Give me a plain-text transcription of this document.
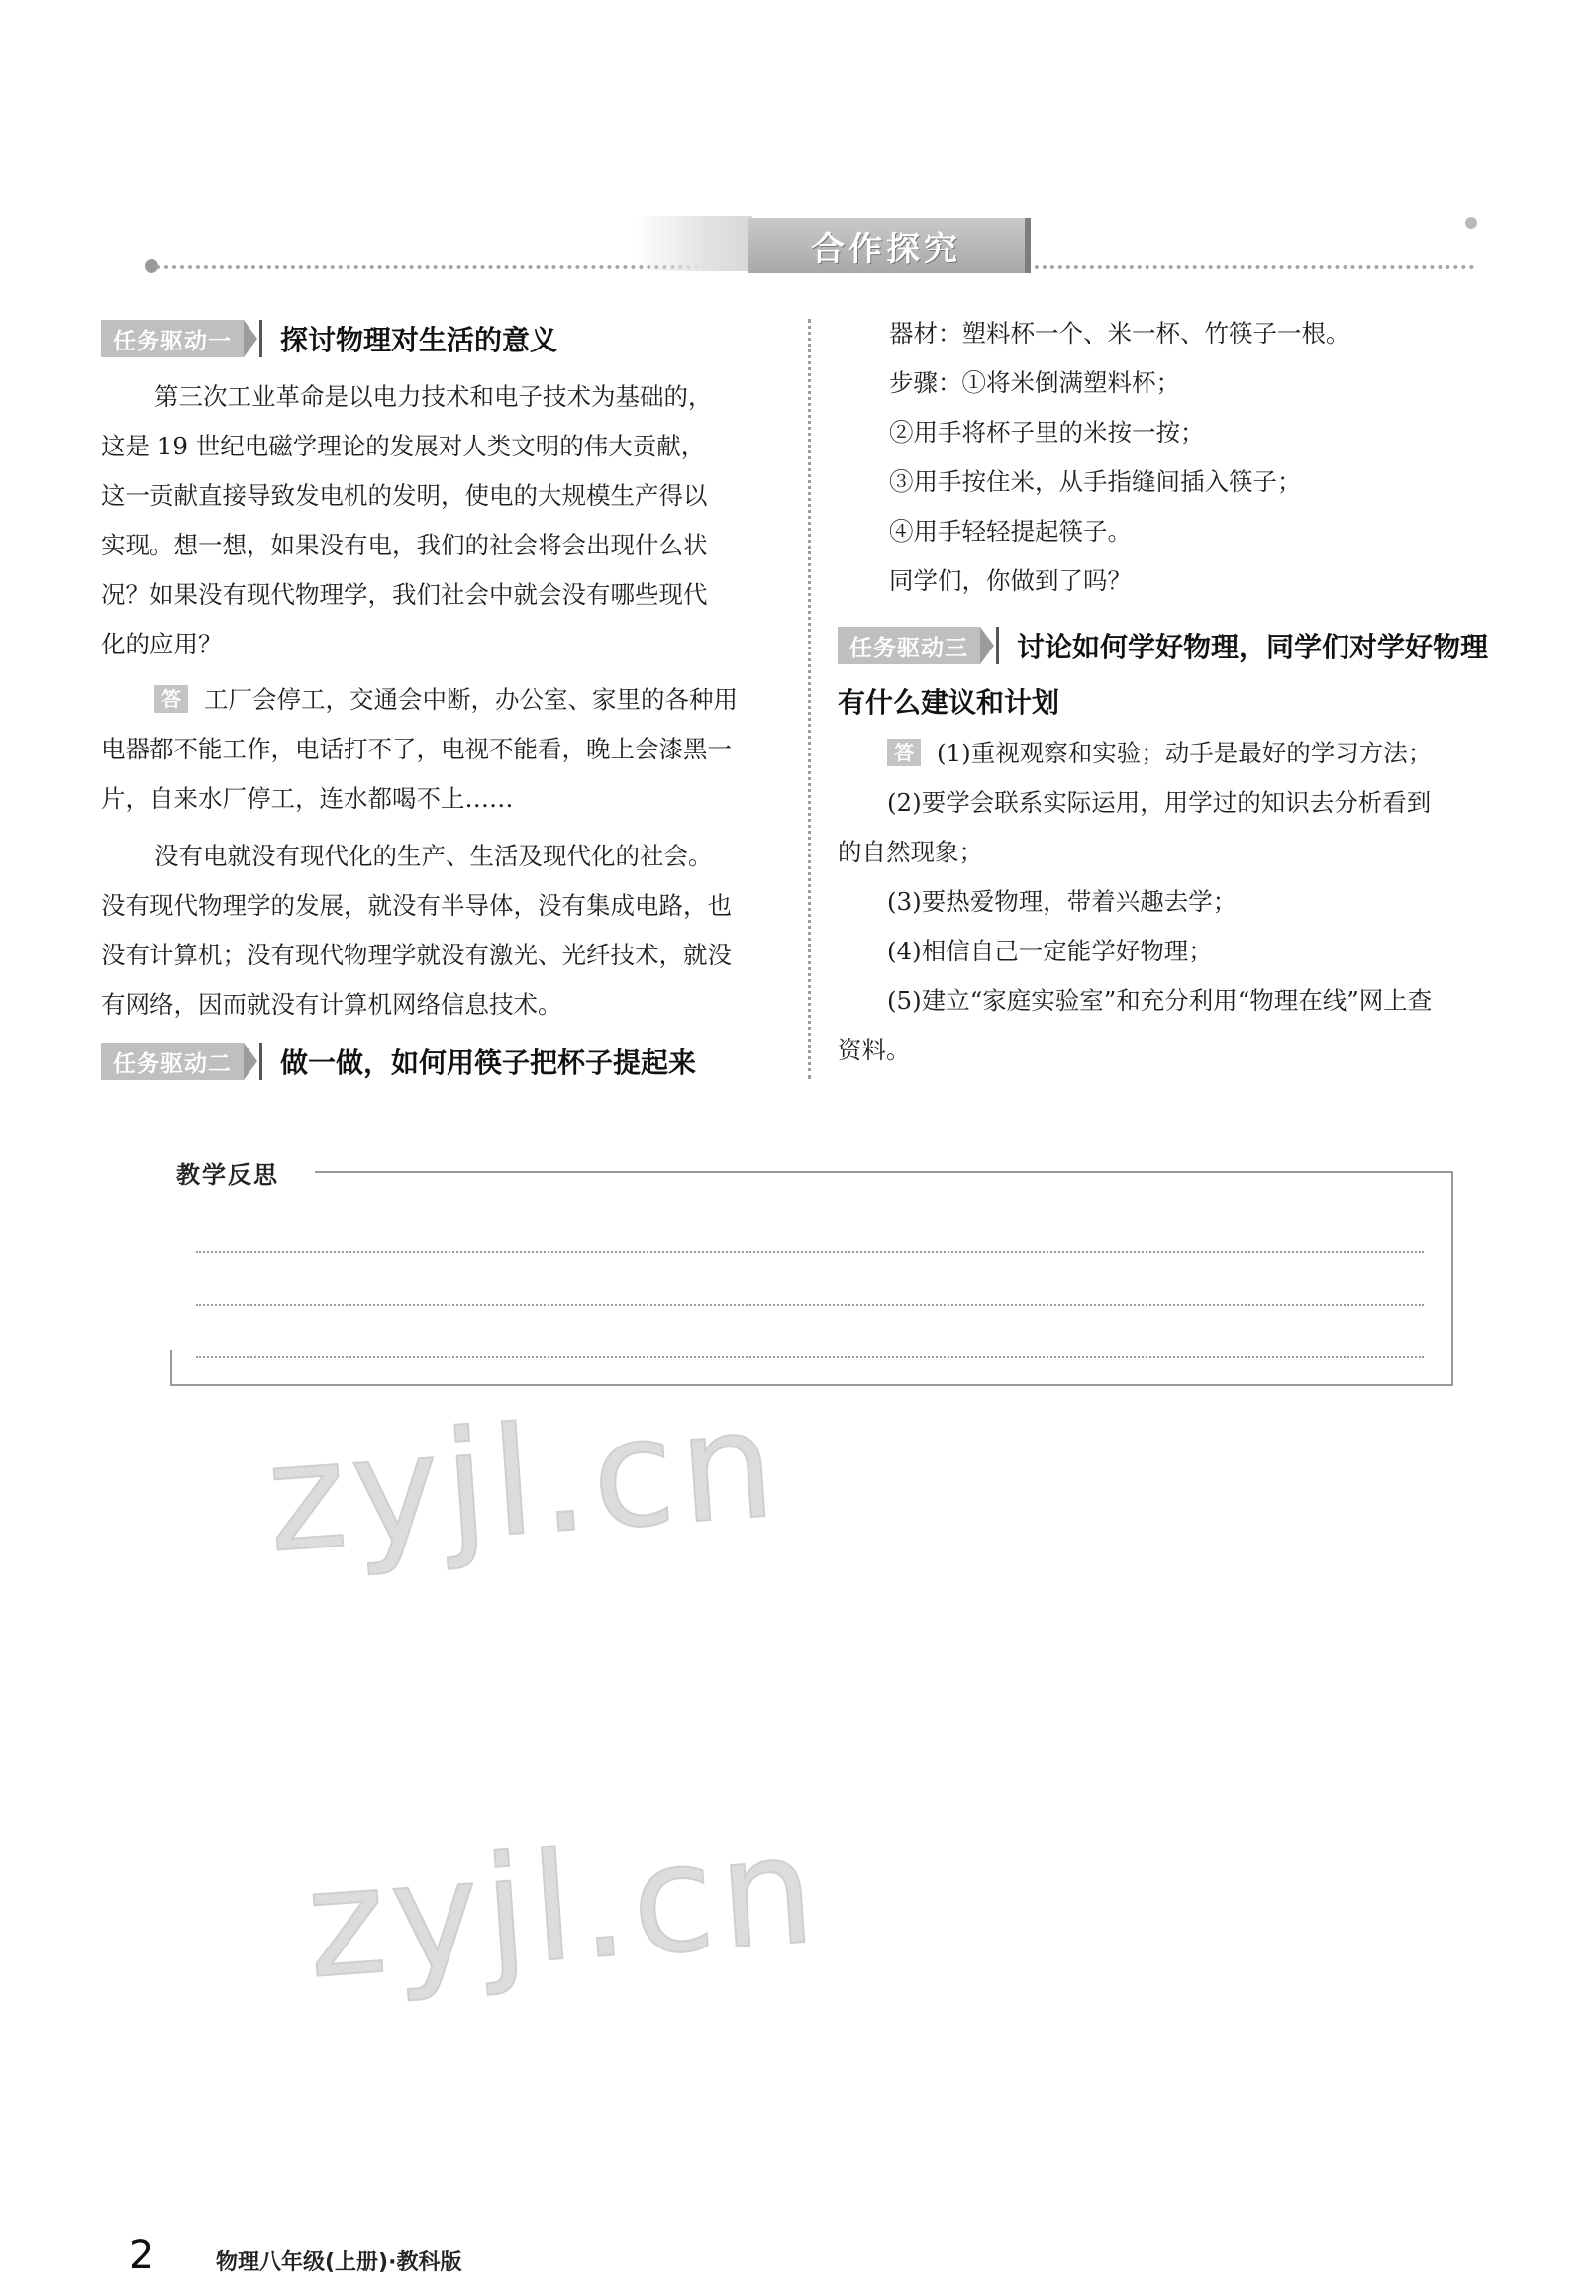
合作探究
任务驱动一	探讨物理对生活的意义
第三次工业革命是以电力技术和电子技术为基础的，
这是 19 世纪电磁学理论的发展对人类文明的伟大贡献，
这一贡献直接导致发电机的发明，使电的大规模生产得以
实现。想一想，如果没有电，我们的社会将会出现什么状
况？如果没有现代物理学，我们社会中就会没有哪些现代
化的应用？
答 工厂会停工，交通会中断，办公室、家里的各种用
电器都不能工作，电话打不了，电视不能看，晚上会漆黑一
片，自来水厂停工，连水都喝不上……
没有电就没有现代化的生产、生活及现代化的社会。
没有现代物理学的发展，就没有半导体，没有集成电路，也
没有计算机；没有现代物理学就没有激光、光纤技术，就没
有网络，因而就没有计算机网络信息技术。
任务驱动二	做一做，如何用筷子把杯子提起来
器材：塑料杯一个、米一杯、竹筷子一根。
步骤：①将米倒满塑料杯；
②用手将杯子里的米按一按；
③用手按住米，从手指缝间插入筷子；
④用手轻轻提起筷子。
同学们，你做到了吗？
任务驱动三	讨论如何学好物理，同学们对学好物理
有什么建议和计划
答 (1)重视观察和实验；动手是最好的学习方法；
(2)要学会联系实际运用，用学过的知识去分析看到
的自然现象；
(3)要热爱物理，带着兴趣去学；
(4)相信自己一定能学好物理；
(5)建立“家庭实验室”和充分利用“物理在线”网上查
资料。
教学反思
zyjl.cn
zyjl.cn
2	物理八年级(上册)·教科版
